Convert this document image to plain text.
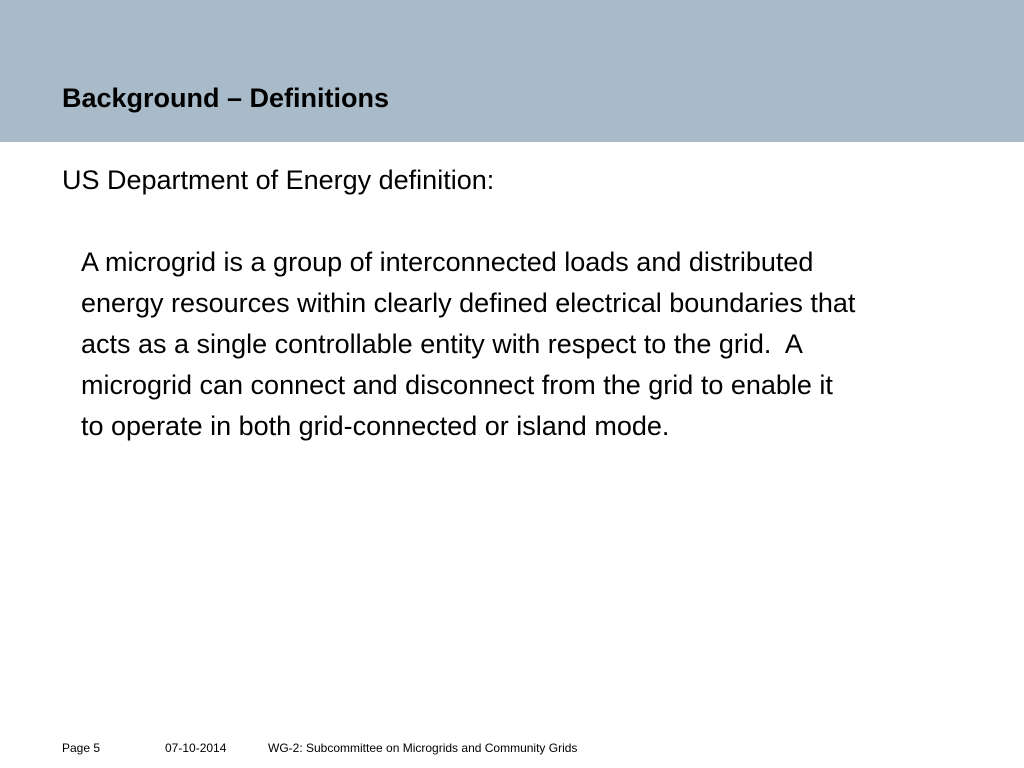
Background – Definitions
US Department of Energy definition:
A microgrid is a group of interconnected loads and distributed
energy resources within clearly defined electrical boundaries that
acts as a single controllable entity with respect to the grid.  A
microgrid can connect and disconnect from the grid to enable it
to operate in both grid-connected or island mode.
Page 5	07-10-2014	WG-2: Subcommittee on Microgrids and Community Grids
